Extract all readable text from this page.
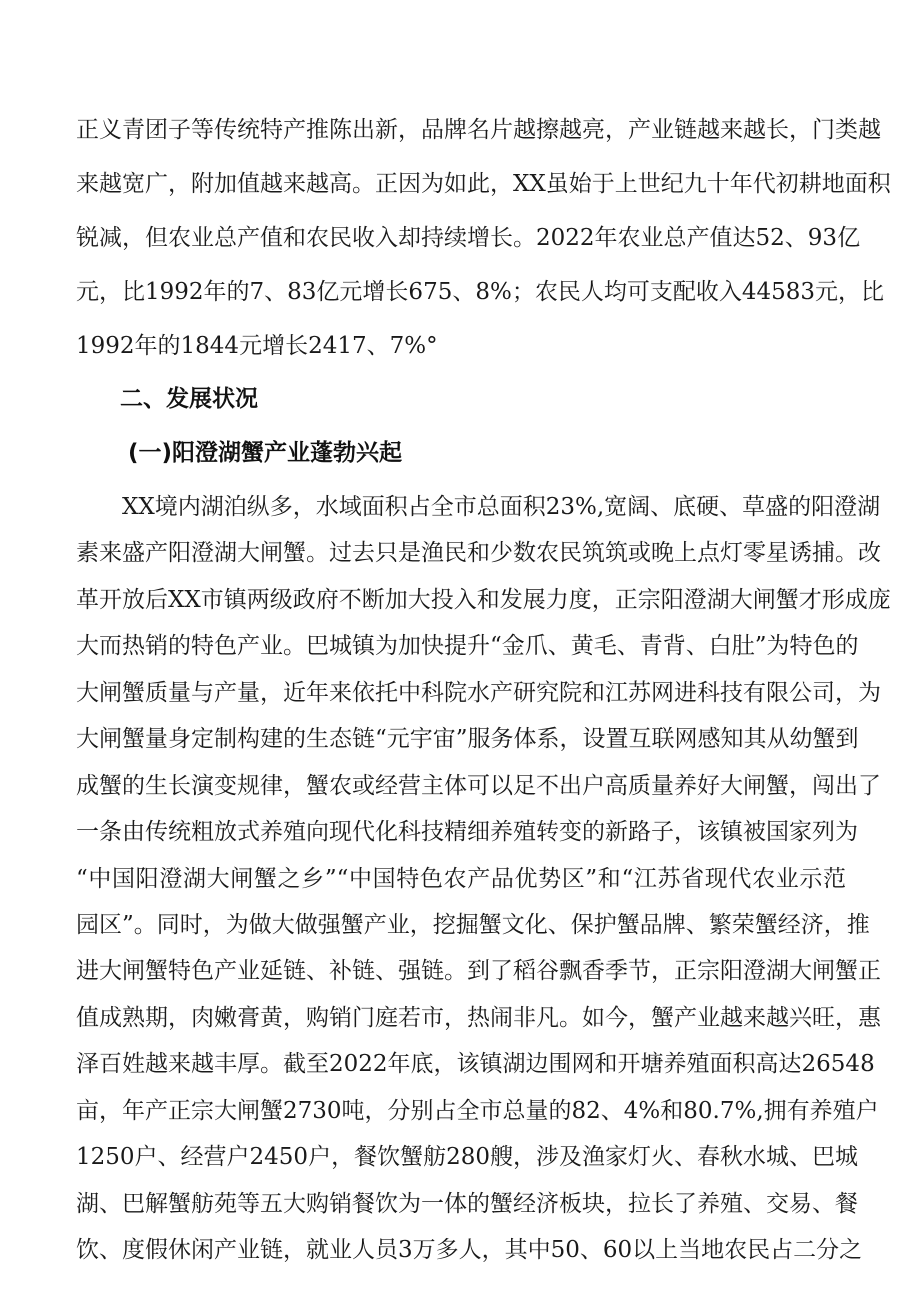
正义青团子等传统特产推陈出新，品牌名片越擦越亮，产业链越来越长，门类越
来越宽广，附加值越来越高。正因为如此，XX虽始于上世纪九十年代初耕地面积
锐减，但农业总产值和农民收入却持续增长。2022年农业总产值达52、93亿
元，比1992年的7、83亿元增长675、8%；农民人均可支配收入44583元，比
1992年的1844元增长2417、7%°
二、发展状况
(一)阳澄湖蟹产业蓬勃兴起
XX境内湖泊纵多，水域面积占全市总面积23%,宽阔、底硬、草盛的阳澄湖
素来盛产阳澄湖大闸蟹。过去只是渔民和少数农民筑筑或晚上点灯零星诱捕。改
革开放后XX市镇两级政府不断加大投入和发展力度，正宗阳澄湖大闸蟹才形成庞
大而热销的特色产业。巴城镇为加快提升“金爪、黄毛、青背、白肚”为特色的
大闸蟹质量与产量，近年来依托中科院水产研究院和江苏网进科技有限公司，为
大闸蟹量身定制构建的生态链“元宇宙”服务体系，设置互联网感知其从幼蟹到
成蟹的生长演变规律，蟹农或经营主体可以足不出户高质量养好大闸蟹，闯出了
一条由传统粗放式养殖向现代化科技精细养殖转变的新路子，该镇被国家列为
“中国阳澄湖大闸蟹之乡”“中国特色农产品优势区”和“江苏省现代农业示范
园区”。同时，为做大做强蟹产业，挖掘蟹文化、保护蟹品牌、繁荣蟹经济，推
进大闸蟹特色产业延链、补链、强链。到了稻谷飘香季节，正宗阳澄湖大闸蟹正
值成熟期，肉嫩膏黄，购销门庭若市，热闹非凡。如今，蟹产业越来越兴旺，惠
泽百姓越来越丰厚。截至2022年底，该镇湖边围网和开塘养殖面积高达26548
亩，年产正宗大闸蟹2730吨，分别占全市总量的82、4%和80.7%,拥有养殖户
1250户、经营户2450户，餐饮蟹舫280艘，涉及渔家灯火、春秋水城、巴城
湖、巴解蟹舫苑等五大购销餐饮为一体的蟹经济板块，拉长了养殖、交易、餐
饮、度假休闲产业链，就业人员3万多人，其中50、60以上当地农民占二分之
